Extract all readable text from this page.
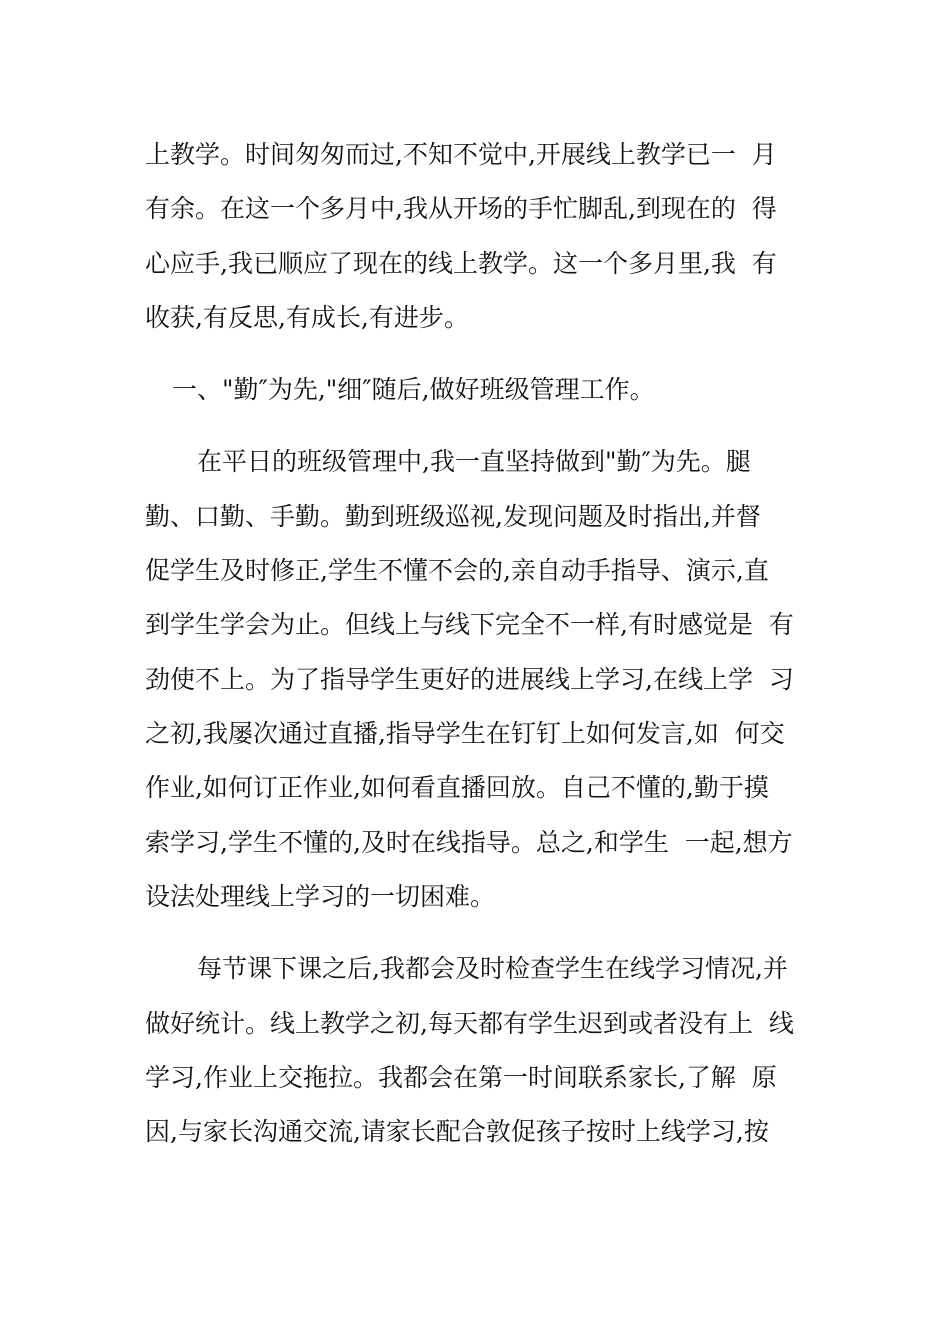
上教学。时间匆匆而过,不知不觉中,开展线上教学已一  月
有余。在这一个多月中,我从开场的手忙脚乱,到现在的  得
心应手,我已顺应了现在的线上教学。这一个多月里,我  有
收获,有反思,有成长,有进步。
一、"勤″为先,"细″随后,做好班级管理工作。
在平日的班级管理中,我一直坚持做到"勤″为先。腿
勤、口勤、手勤。勤到班级巡视,发现问题及时指出,并督
促学生及时修正,学生不懂不会的,亲自动手指导、演示,直
到学生学会为止。但线上与线下完全不一样,有时感觉是  有
劲使不上。为了指导学生更好的进展线上学习,在线上学  习
之初,我屡次通过直播,指导学生在钉钉上如何发言,如  何交
作业,如何订正作业,如何看直播回放。自己不懂的,勤于摸
索学习,学生不懂的,及时在线指导。总之,和学生  一起,想方
设法处理线上学习的一切困难。
每节课下课之后,我都会及时检查学生在线学习情况,并
做好统计。线上教学之初,每天都有学生迟到或者没有上  线
学习,作业上交拖拉。我都会在第一时间联系家长,了解  原
因,与家长沟通交流,请家长配合敦促孩子按时上线学习,按
